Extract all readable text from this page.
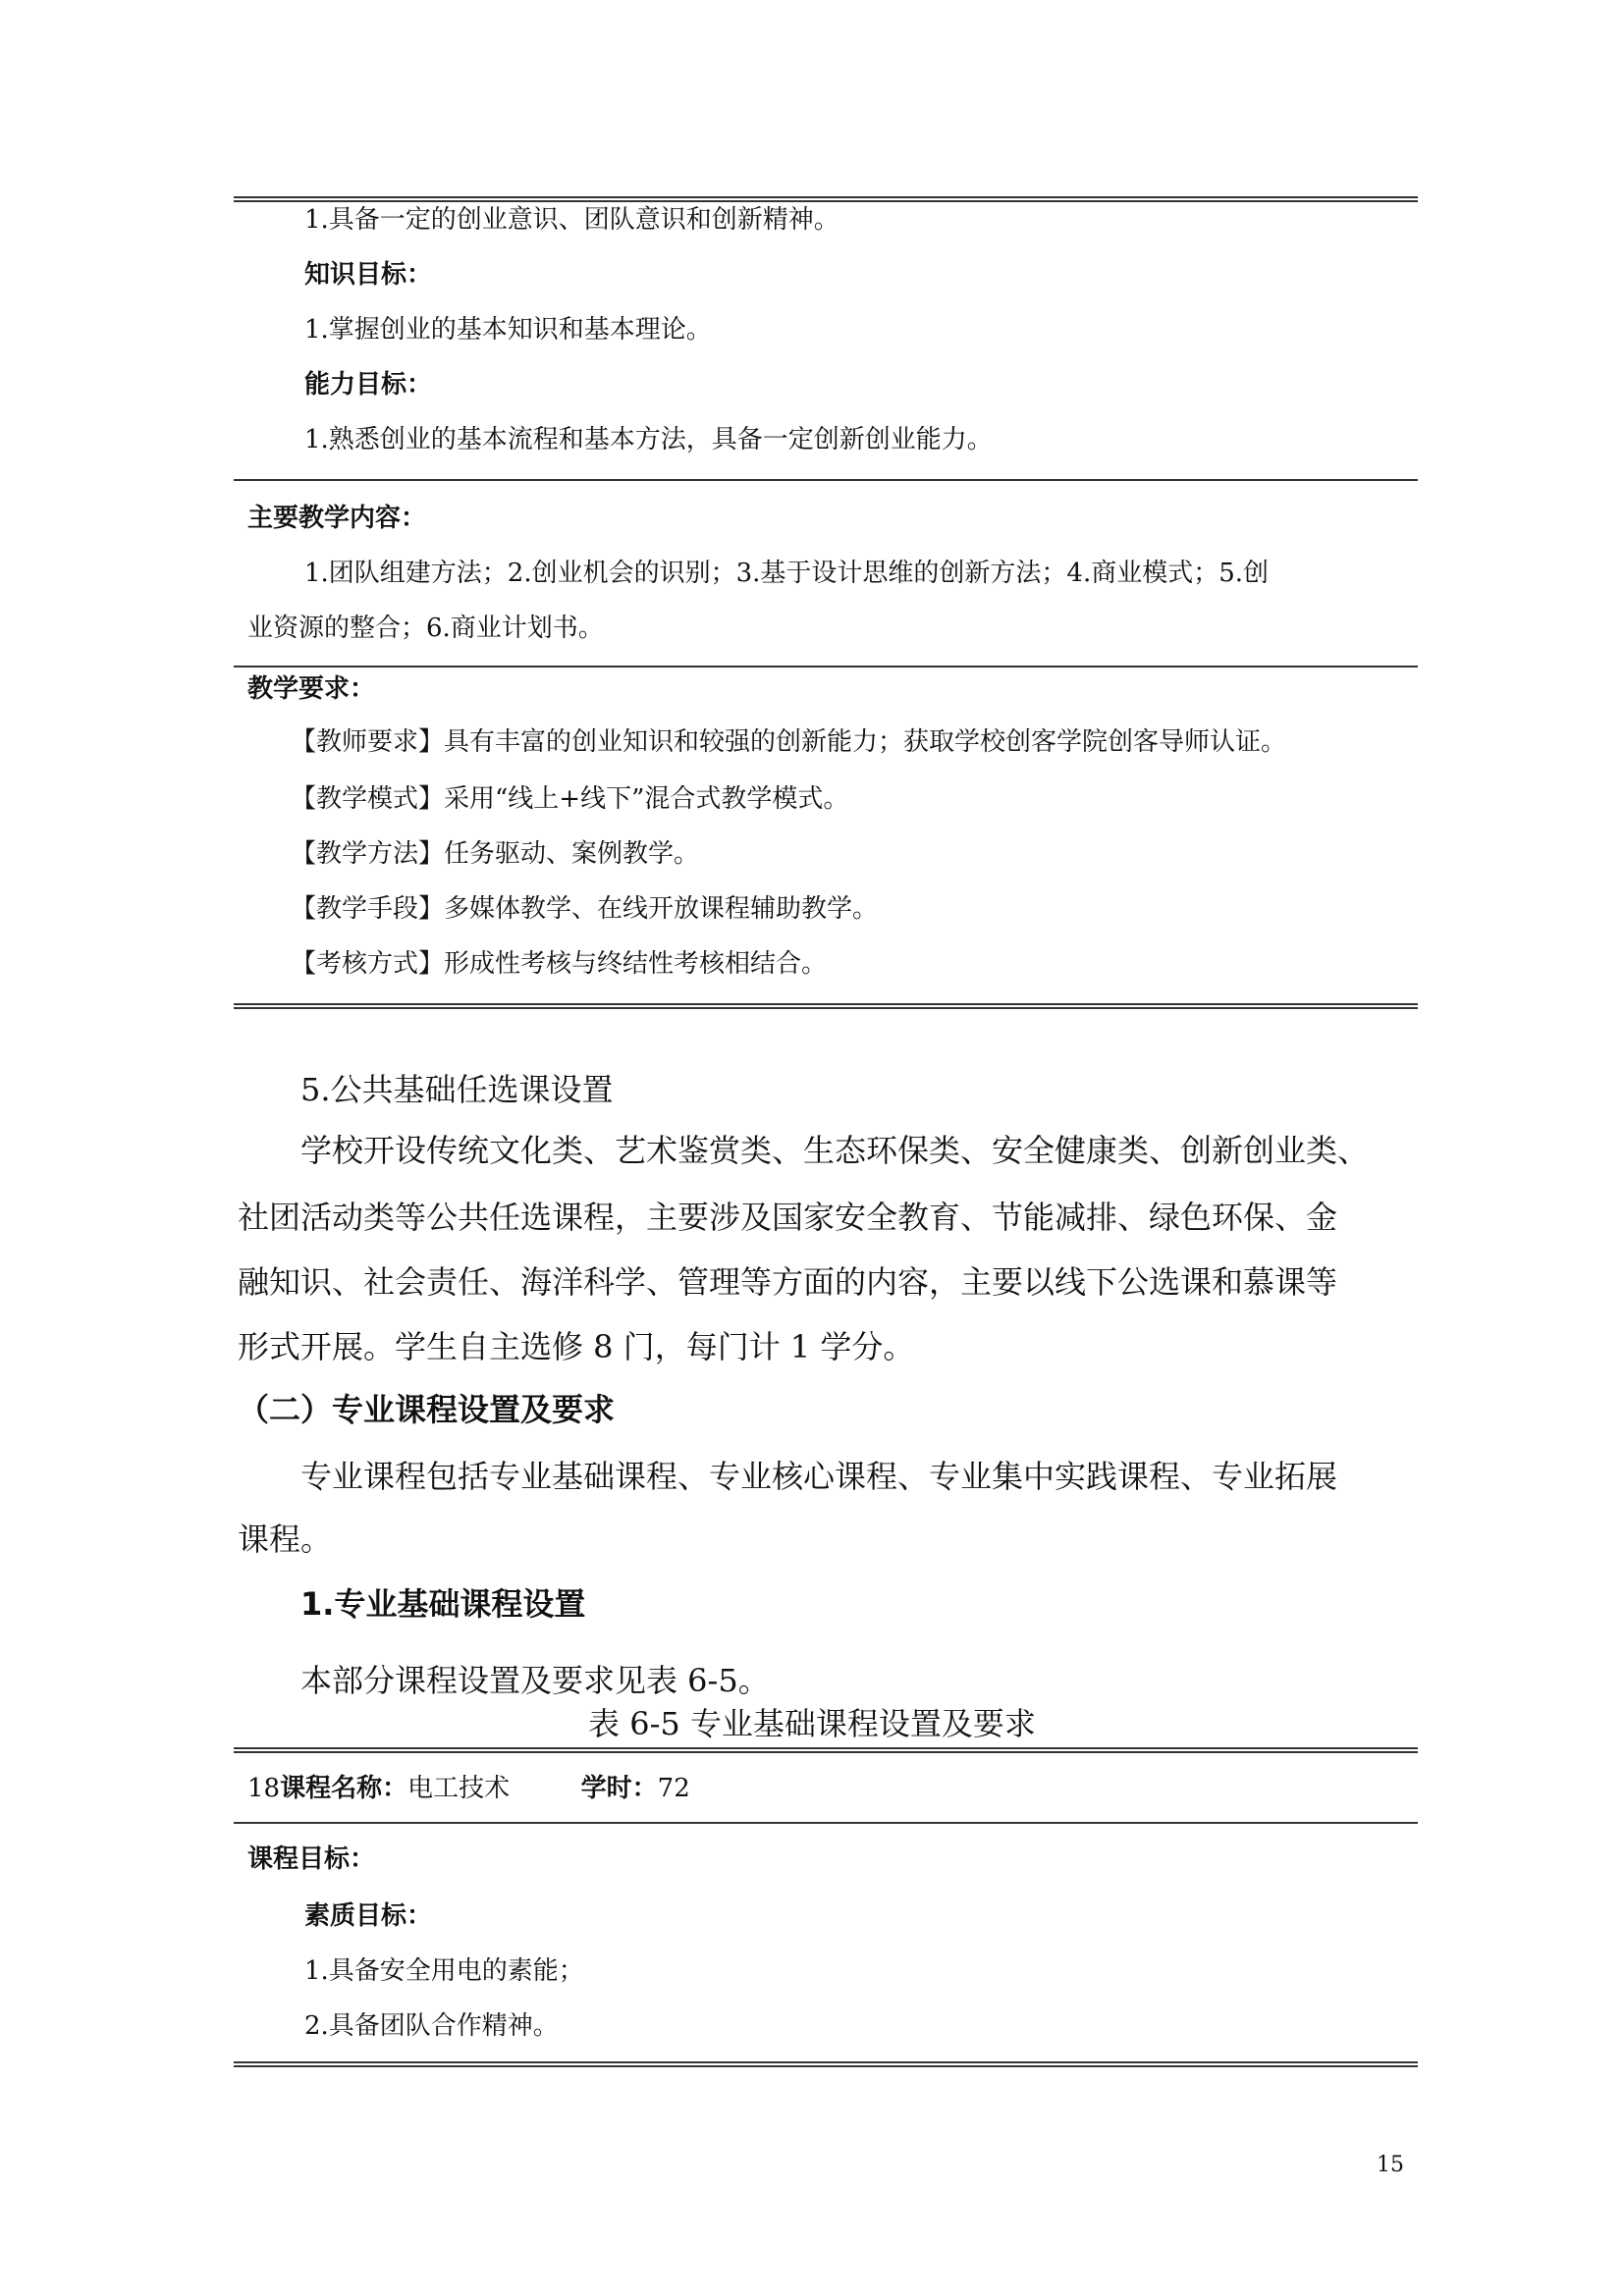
1.具备一定的创业意识、团队意识和创新精神。
知识目标：
1.掌握创业的基本知识和基本理论。
能力目标：
1.熟悉创业的基本流程和基本方法，具备一定创新创业能力。
主要教学内容：
1.团队组建方法；2.创业机会的识别；3.基于设计思维的创新方法；4.商业模式；5.创
业资源的整合；6.商业计划书。
教学要求：
【教师要求】具有丰富的创业知识和较强的创新能力；获取学校创客学院创客导师认证。
【教学模式】采用“线上+线下”混合式教学模式。
【教学方法】任务驱动、案例教学。
【教学手段】多媒体教学、在线开放课程辅助教学。
【考核方式】形成性考核与终结性考核相结合。
5.公共基础任选课设置
学校开设传统文化类、艺术鉴赏类、生态环保类、安全健康类、创新创业类、
社团活动类等公共任选课程，主要涉及国家安全教育、节能减排、绿色环保、金
融知识、社会责任、海洋科学、管理等方面的内容，主要以线下公选课和慕课等
形式开展。学生自主选修 8 门，每门计 1 学分。
（二）专业课程设置及要求
专业课程包括专业基础课程、专业核心课程、专业集中实践课程、专业拓展
课程。
1.专业基础课程设置
本部分课程设置及要求见表 6-5。
表 6-5 专业基础课程设置及要求
18课程名称：电工技术	学时：72
课程目标：
素质目标：
1.具备安全用电的素能；
2.具备团队合作精神。
15
